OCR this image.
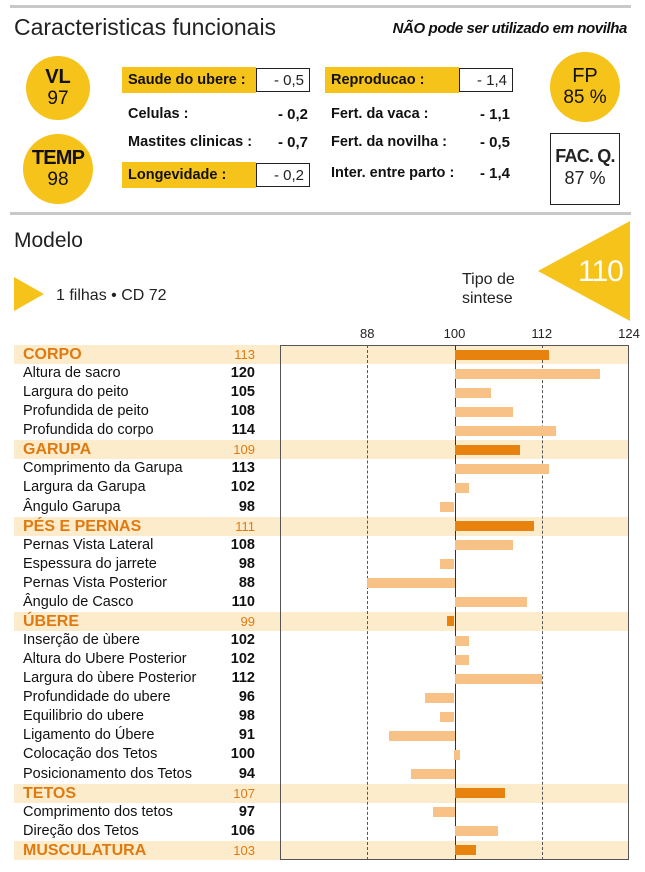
Caracteristicas funcionais	NÃO pode ser utilizado em novilha
VL
97
TEMP
98
Saude do ubere :	- 0,5
Celulas :	- 0,2
Mastites clinicas :	- 0,7
Longevidade :	- 0,2
Reproducao :	- 1,4
Fert. da vaca :	- 1,1
Fert. da novilha :	- 0,5
Inter. entre parto :	- 1,4
FP
85 %
FAC. Q.
87 %
Modelo
1 filhas • CD 72
Tipo de sintese
110
88	100	112	124
CORPO	113
Altura de sacro	120
Largura do peito	105
Profundida de peito	108
Profundida do corpo	114
GARUPA	109
Comprimento da Garupa	113
Largura da Garupa	102
Ângulo Garupa	98
PÉS E PERNAS	111
Pernas Vista Lateral	108
Espessura do jarrete	98
Pernas Vista Posterior	88
Ângulo de Casco	110
ÚBERE	99
Inserção de ùbere	102
Altura do Ubere Posterior	102
Largura do ùbere Posterior	112
Profundidade do ubere	96
Equilibrio do ubere	98
Ligamento do Úbere	91
Colocação dos Tetos	100
Posicionamento dos Tetos	94
TETOS	107
Comprimento dos tetos	97
Direção dos Tetos	106
MUSCULATURA	103
